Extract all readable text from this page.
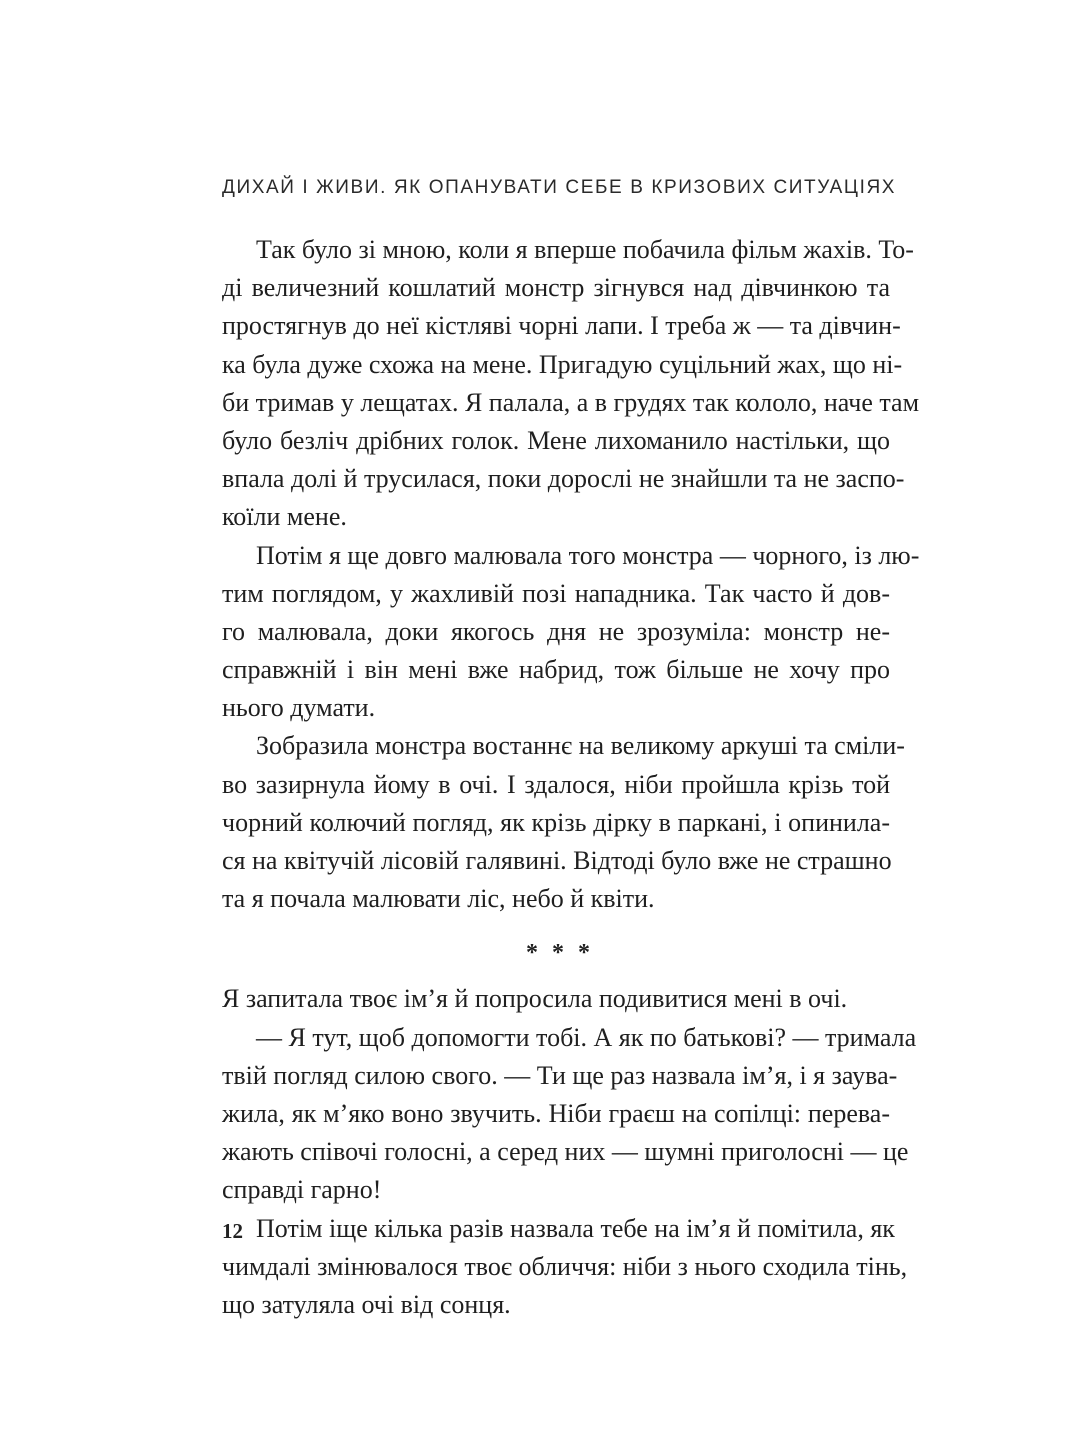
ДИХАЙ І ЖИВИ. ЯК ОПАНУВАТИ СЕБЕ В КРИЗОВИХ СИТУАЦІЯХ
Так було зі мною, коли я вперше побачила фільм жахів. То-
ді величезний кошлатий монстр зігнувся над дівчинкою та
простягнув до неї кістляві чорні лапи. І треба ж — та дівчин-
ка була дуже схожа на мене. Пригадую суцільний жах, що ні-
би тримав у лещатах. Я палала, а в грудях так кололо, наче там
було безліч дрібних голок. Мене лихоманило настільки, що
впала долі й трусилася, поки дорослі не знайшли та не заспо-
коїли мене.
Потім я ще довго малювала того монстра — чорного, із лю-
тим поглядом, у жахливій позі нападника. Так часто й дов-
го малювала, доки якогось дня не зрозуміла: монстр не-
справжній і він мені вже набрид, тож більше не хочу про
нього думати.
Зобразила монстра востаннє на великому аркуші та сміли-
во зазирнула йому в очі. І здалося, ніби пройшла крізь той
чорний колючий погляд, як крізь дірку в паркані, і опинила-
ся на квітучій лісовій галявині. Відтоді було вже не страшно
та я почала малювати ліс, небо й квіти.
* * *
Я запитала твоє ім’я й попросила подивитися мені в очі.
— Я тут, щоб допомогти тобі. А як по батькові? — тримала
твій погляд силою свого. — Ти ще раз назвала ім’я, і я заува-
жила, як м’яко воно звучить. Ніби граєш на сопілці: перева-
жають співочі голосні, а серед них — шумні приголосні — це
справді гарно!
Потім іще кілька разів назвала тебе на ім’я й помітила, як
чимдалі змінювалося твоє обличчя: ніби з нього сходила тінь,
що затуляла очі від сонця.
12
